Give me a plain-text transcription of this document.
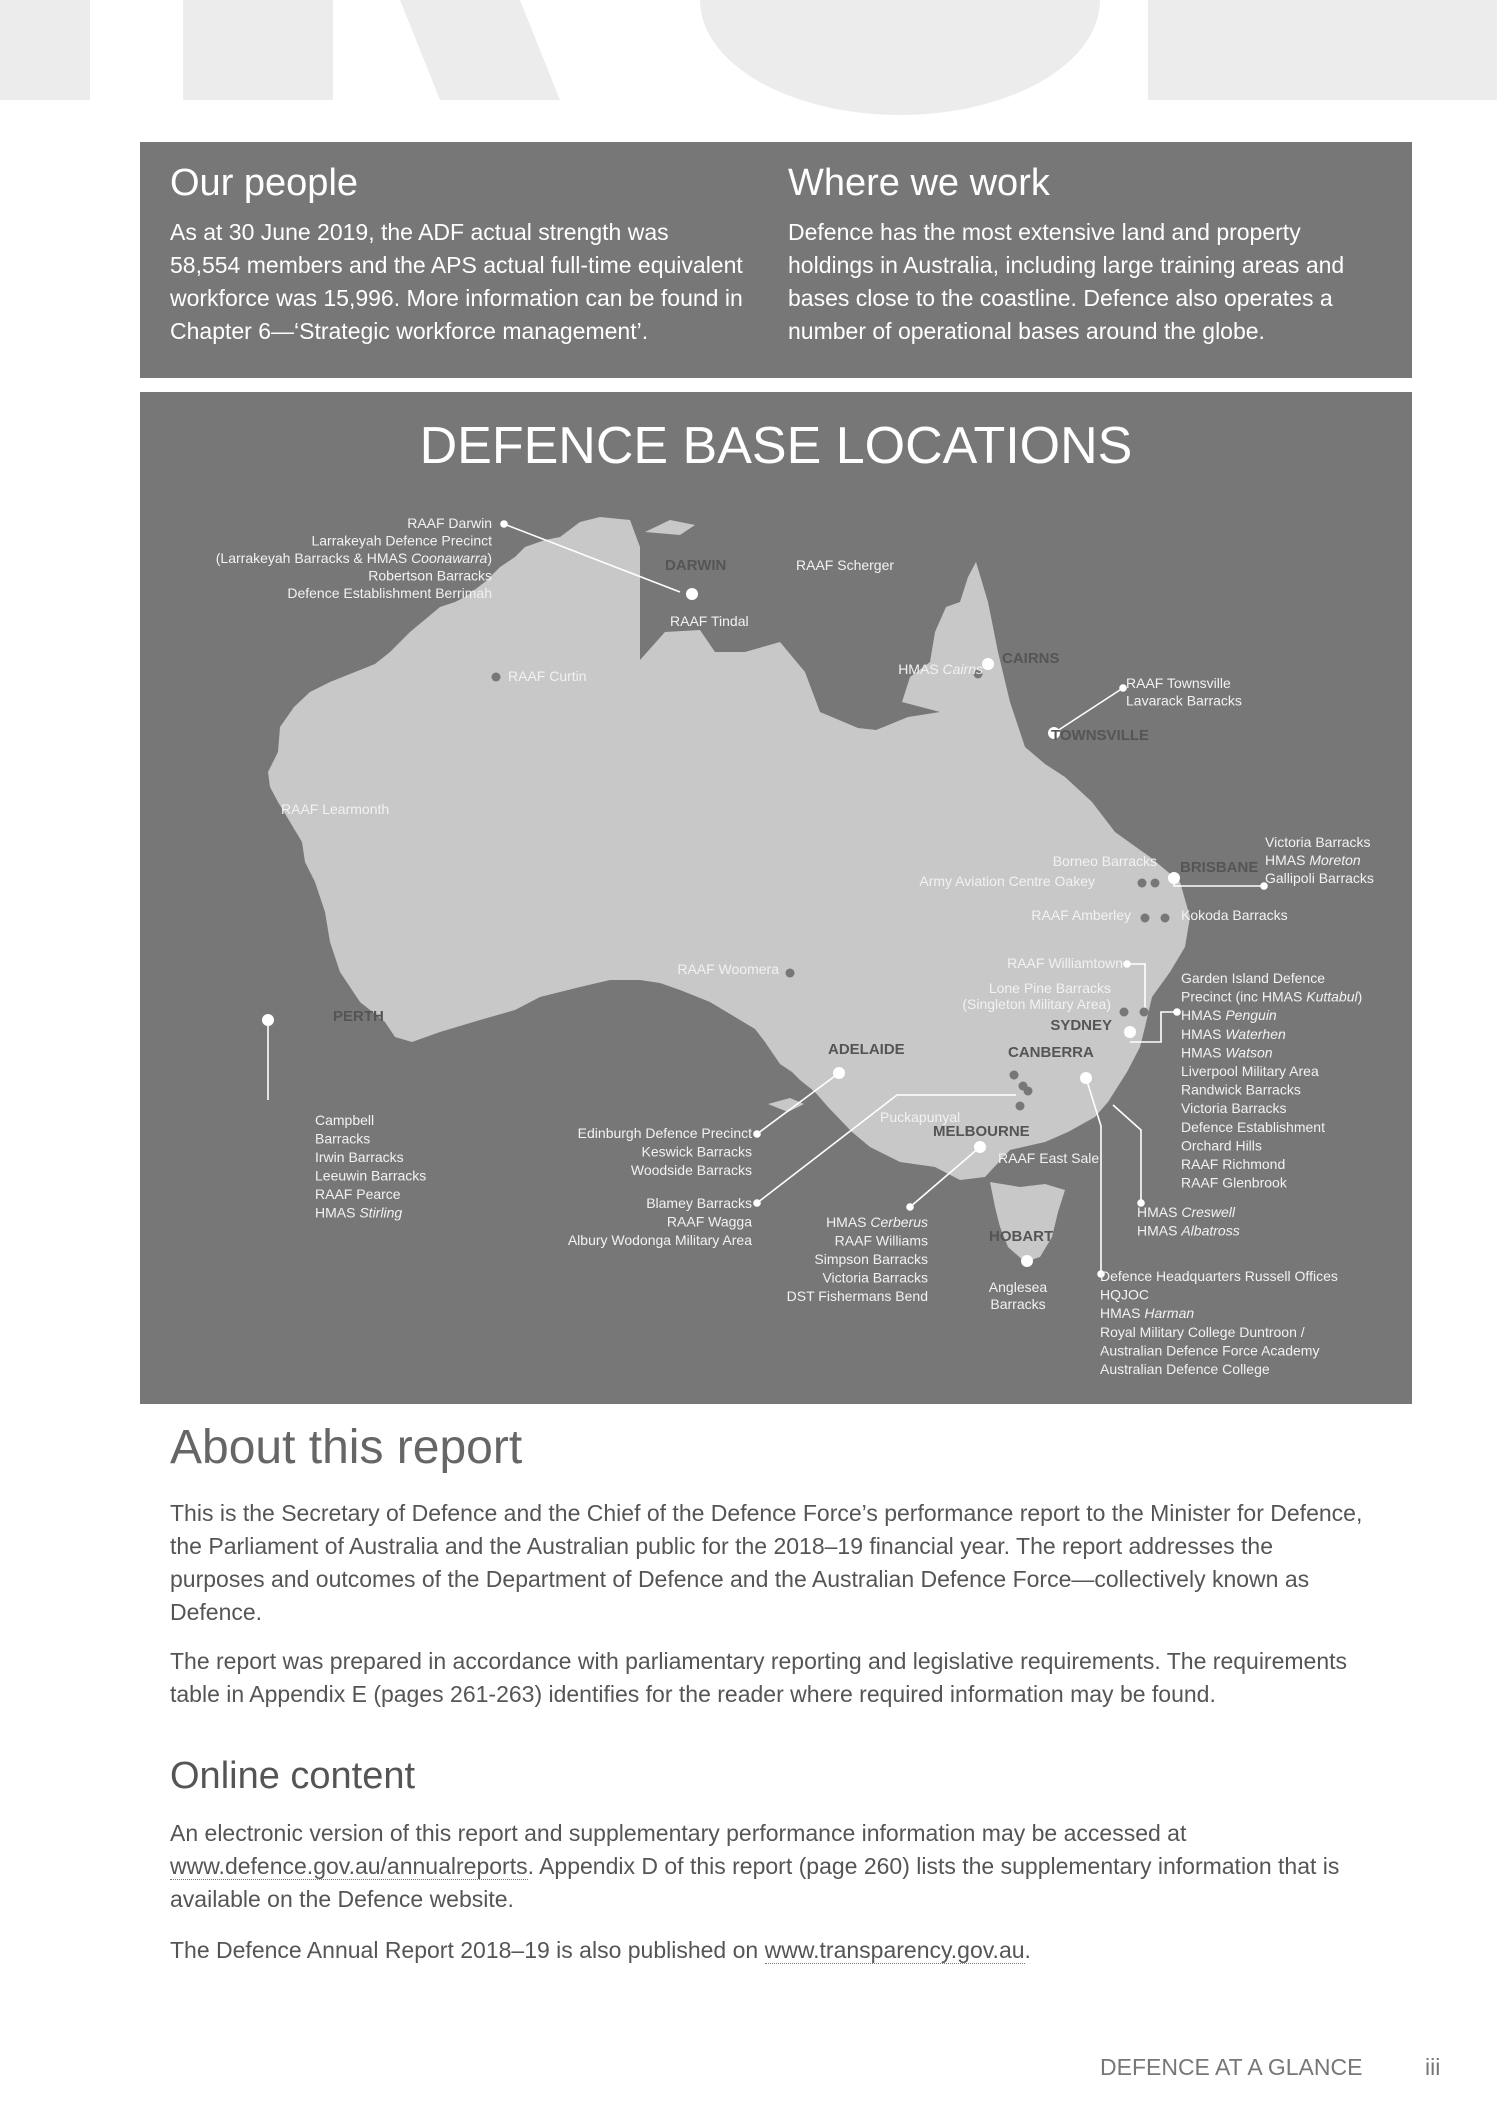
Our people

As at 30 June 2019, the ADF actual strength was 58,554 members and the APS actual full-time equivalent workforce was 15,996. More information can be found in Chapter 6—‘Strategic workforce management’.

Where we work

Defence has the most extensive land and property holdings in Australia, including large training areas and bases close to the coastline. Defence also operates a number of operational bases around the globe.

DEFENCE BASE LOCATIONS
DARWIN
CAIRNS
TOWNSVILLE
BRISBANE
PERTH
ADELAIDE
SYDNEY
CANBERRA
MELBOURNE
HOBART
RAAF Darwin Larrakeyah Defence Precinct (Larrakeyah Barracks & HMAS Coonawarra) Robertson Barracks Defence Establishment Berrimah
RAAF Scherger
RAAF Tindal
RAAF Curtin	HMAS Cairns
RAAF Townsville Lavarack Barracks
RAAF Learmonth
Victoria Barracks HMAS Moreton Gallipoli Barracks
Borneo Barracks
Army Aviation Centre Oakey
RAAF Amberley	Kokoda Barracks
RAAF Woomera	RAAF Williamtown
Lone Pine Barracks (Singleton Military Area)
Garden Island Defence Precinct (inc HMAS Kuttabul) HMAS Penguin HMAS Waterhen HMAS Watson Liverpool Military Area Randwick Barracks Victoria Barracks Defence Establishment Orchard Hills RAAF Richmond RAAF Glenbrook
Campbell Barracks Irwin Barracks Leeuwin Barracks RAAF Pearce HMAS Stirling
Edinburgh Defence Precinct Keswick Barracks Woodside Barracks
Blamey Barracks RAAF Wagga Albury Wodonga Military Area
Puckapunyal
RAAF East Sale
HMAS Cerberus RAAF Williams Simpson Barracks Victoria Barracks DST Fishermans Bend
Anglesea Barracks
HMAS Creswell HMAS Albatross
Defence Headquarters Russell Offices HQJOC HMAS Harman Royal Military College Duntroon / Australian Defence Force Academy Australian Defence College
About this report

This is the Secretary of Defence and the Chief of the Defence Force’s performance report to the Minister for Defence, the Parliament of Australia and the Australian public for the 2018–19 financial year. The report addresses the purposes and outcomes of the Department of Defence and the Australian Defence Force—collectively known as Defence.

The report was prepared in accordance with parliamentary reporting and legislative requirements. The requirements table in Appendix E (pages 261-263) identifies for the reader where required information may be found.

Online content

An electronic version of this report and supplementary performance information may be accessed at www.defence.gov.au/annualreports. Appendix D of this report (page 260) lists the supplementary information that is available on the Defence website.

The Defence Annual Report 2018–19 is also published on www.transparency.gov.au.

DEFENCE AT A GLANCE	iii
